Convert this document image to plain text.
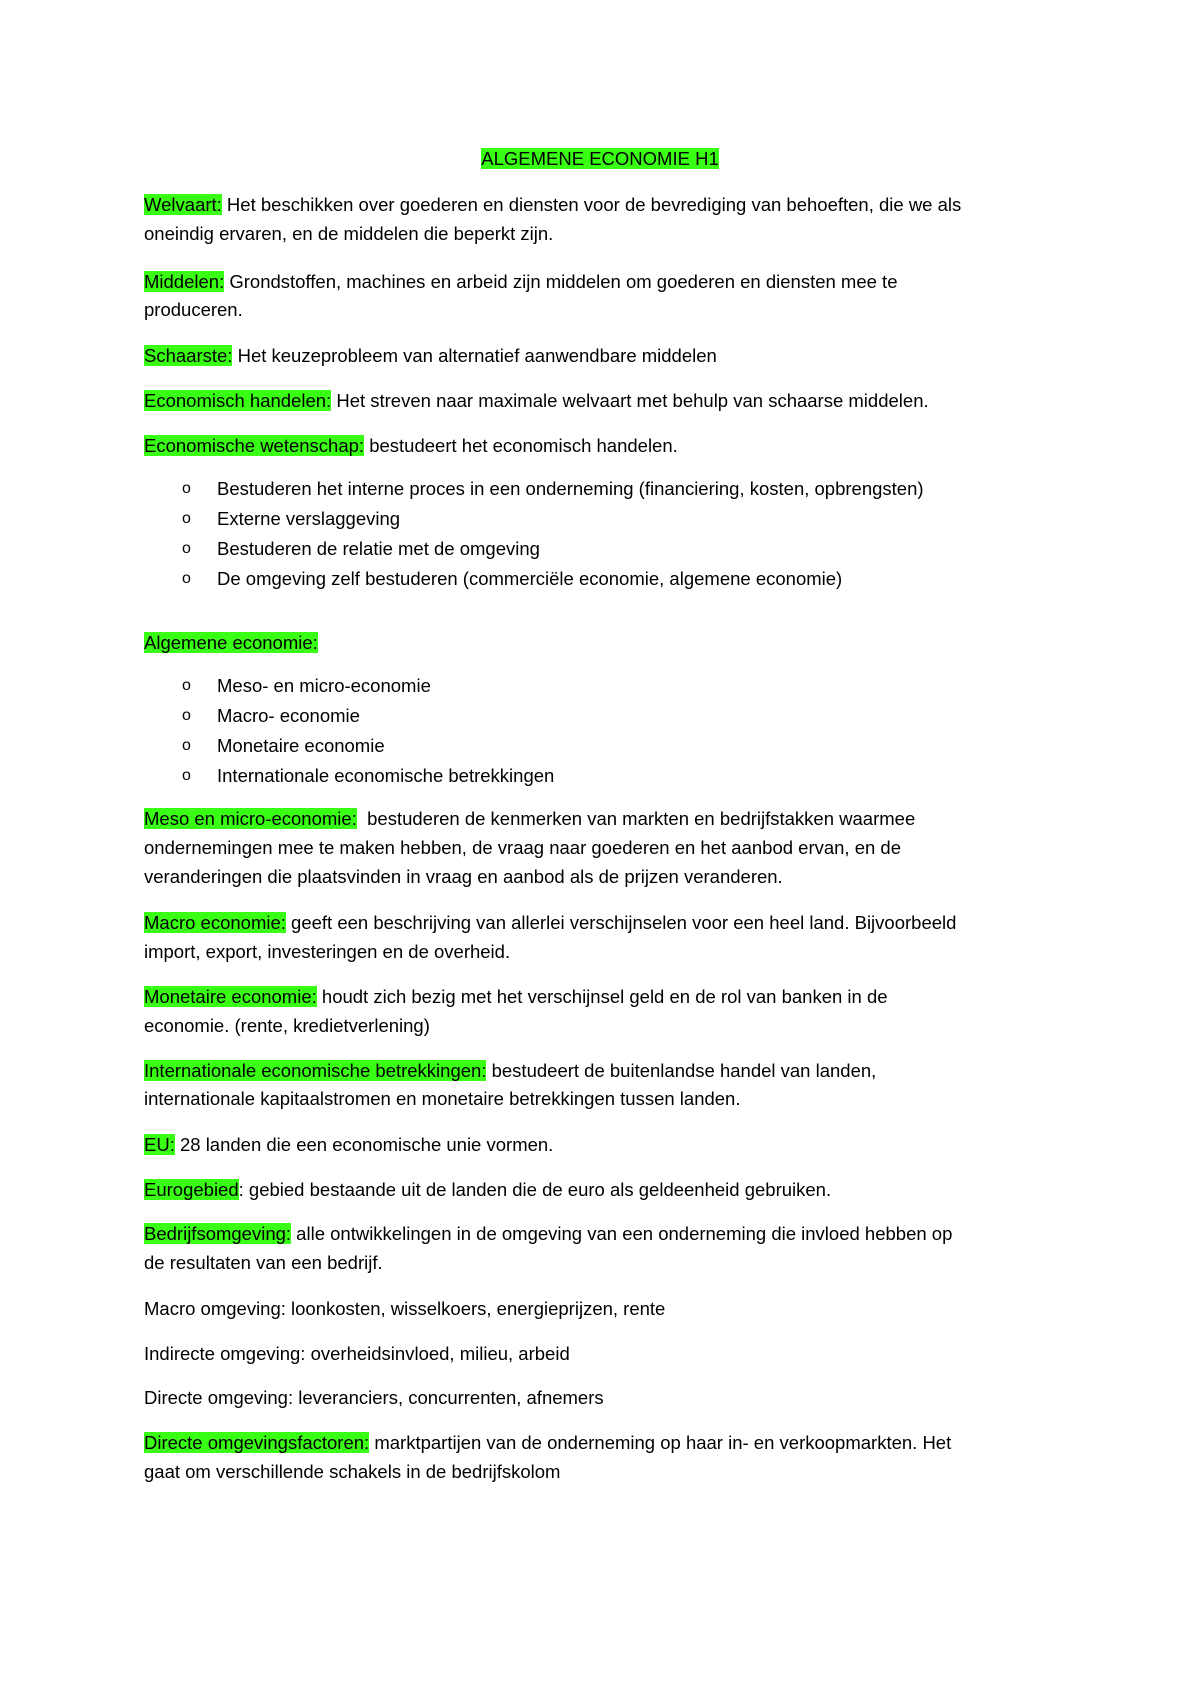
ALGEMENE ECONOMIE H1
Welvaart: Het beschikken over goederen en diensten voor de bevrediging van behoeften, die we als
oneindig ervaren, en de middelen die beperkt zijn.
Middelen: Grondstoffen, machines en arbeid zijn middelen om goederen en diensten mee te
produceren.
Schaarste: Het keuzeprobleem van alternatief aanwendbare middelen
Economisch handelen: Het streven naar maximale welvaart met behulp van schaarse middelen.
Economische wetenschap: bestudeert het economisch handelen.
Algemene economie:
Meso en micro-economie:  bestuderen de kenmerken van markten en bedrijfstakken waarmee
ondernemingen mee te maken hebben, de vraag naar goederen en het aanbod ervan, en de
veranderingen die plaatsvinden in vraag en aanbod als de prijzen veranderen.
Macro economie: geeft een beschrijving van allerlei verschijnselen voor een heel land. Bijvoorbeeld
import, export, investeringen en de overheid.
Monetaire economie: houdt zich bezig met het verschijnsel geld en de rol van banken in de
economie. (rente, kredietverlening)
Internationale economische betrekkingen: bestudeert de buitenlandse handel van landen,
internationale kapitaalstromen en monetaire betrekkingen tussen landen.
EU: 28 landen die een economische unie vormen.
Eurogebied: gebied bestaande uit de landen die de euro als geldeenheid gebruiken.
Bedrijfsomgeving: alle ontwikkelingen in de omgeving van een onderneming die invloed hebben op
de resultaten van een bedrijf.
Macro omgeving: loonkosten, wisselkoers, energieprijzen, rente
Indirecte omgeving: overheidsinvloed, milieu, arbeid
Directe omgeving: leveranciers, concurrenten, afnemers
Directe omgevingsfactoren: marktpartijen van de onderneming op haar in- en verkoopmarkten. Het
gaat om verschillende schakels in de bedrijfskolom
o Bestuderen het interne proces in een onderneming (financiering, kosten, opbrengsten)
o Externe verslaggeving
o Bestuderen de relatie met de omgeving
o De omgeving zelf bestuderen (commerciële economie, algemene economie)
o Meso- en micro-economie
o Macro- economie
o Monetaire economie
o Internationale economische betrekkingen
